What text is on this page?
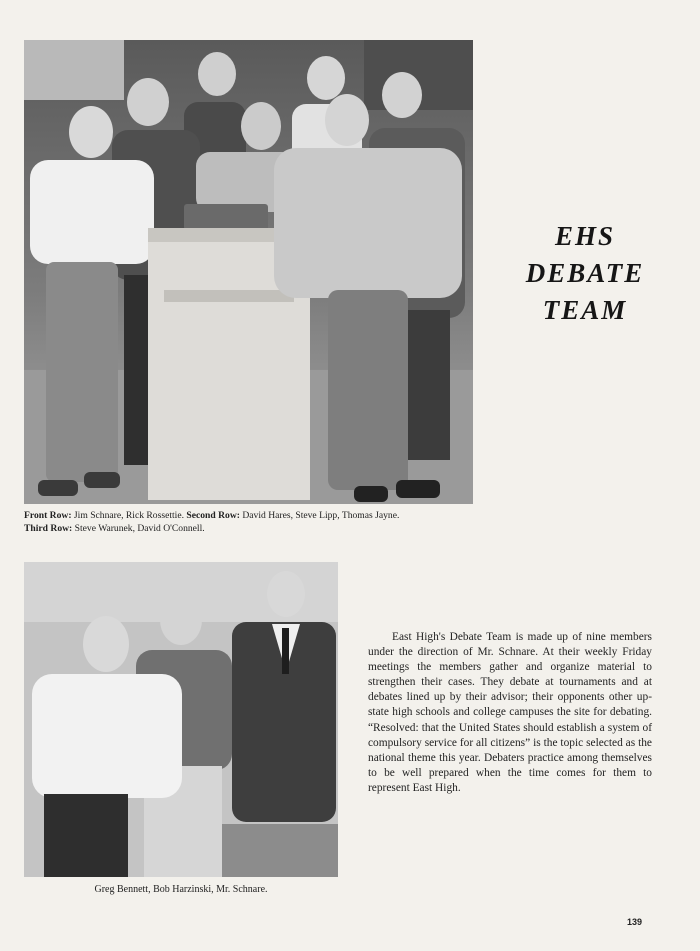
EHS
DEBATE
TEAM
Front Row: Jim Schnare, Rick Rossettie. Second Row: David Hares, Steve Lipp, Thomas Jayne.
Third Row: Steve Warunek, David O'Connell.
Greg Bennett, Bob Harzinski, Mr. Schnare.
East High's Debate Team is made up of nine members under the direction of Mr. Schnare. At their weekly Friday meetings the members gather and organize material to strengthen their cases. They debate at tournaments and at debates lined up by their advisor; their opponents other up-state high schools and college campuses the site for debating. “Resolved: that the United States should establish a system of compulsory service for all citizens” is the topic selected as the national theme this year. Debaters practice among themselves to be well prepared when the time comes for them to represent East High.
139
